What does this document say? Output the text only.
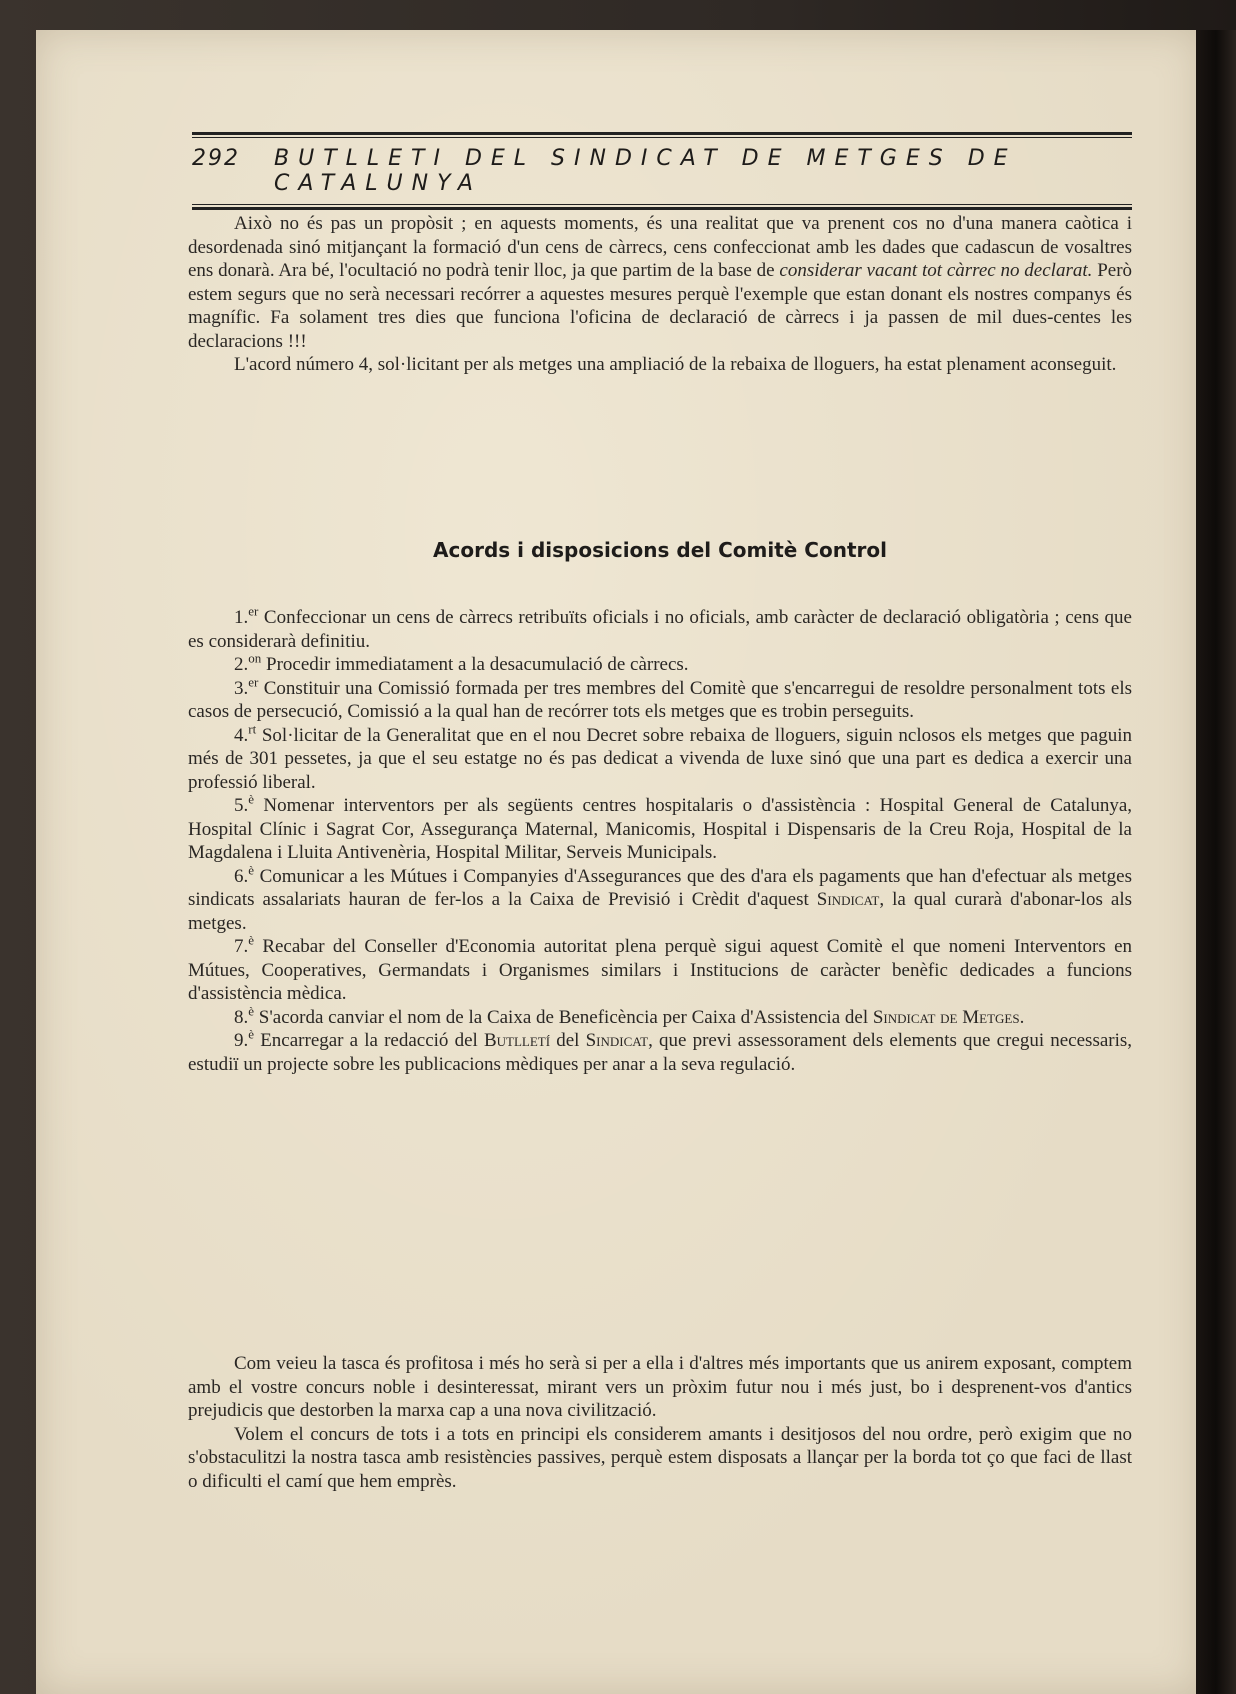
292 BUTLLETI DEL SINDICAT DE METGES DE CATALUNYA

Això no és pas un propòsit ; en aquests moments, és una realitat que va prenent cos no d'una manera caòtica i desordenada sinó mitjançant la formació d'un cens de càrrecs, cens confeccionat amb les dades que cadascun de vosaltres ens donarà. Ara bé, l'ocultació no podrà tenir lloc, ja que partim de la base de considerar vacant tot càrrec no declarat. Però estem segurs que no serà necessari recórrer a aquestes mesures perquè l'exemple que estan donant els nostres companys és magnífic. Fa solament tres dies que funciona l'oficina de declaració de càrrecs i ja passen de mil dues-centes les declaracions !!!

L'acord número 4, sol·licitant per als metges una ampliació de la rebaixa de lloguers, ha estat plenament aconseguit.

Acords i disposicions del Comitè Control

1.$^{er}$ Confeccionar un cens de càrrecs retribuïts oficials i no oficials, amb caràcter de declaració obligatòria ; cens que es considerarà definitiu.

2.$^{on}$ Procedir immediatament a la desacumulació de càrrecs.

3.$^{er}$ Constituir una Comissió formada per tres membres del Comitè que s'encarregui de resoldre personalment tots els casos de persecució, Comissió a la qual han de recórrer tots els metges que es trobin perseguits.

4.$^{rt}$ Sol·licitar de la Generalitat que en el nou Decret sobre rebaixa de lloguers, siguin nclosos els metges que paguin més de 301 pessetes, ja que el seu estatge no és pas dedicat a vivenda de luxe sinó que una part es dedica a exercir una professió liberal.

5.$^è$ Nomenar interventors per als següents centres hospitalaris o d'assistència : Hospital General de Catalunya, Hospital Clínic i Sagrat Cor, Assegurança Maternal, Manicomis, Hospital i Dispensaris de la Creu Roja, Hospital de la Magdalena i Lluita Antivenèria, Hospital Militar, Serveis Municipals.

6.$^è$ Comunicar a les Mútues i Companyies d'Assegurances que des d'ara els pagaments que han d'efectuar als metges sindicats assalariats hauran de fer-los a la Caixa de Previsió i Crèdit d'aquest Sindicat, la qual curarà d'abonar-los als metges.

7.$^è$ Recabar del Conseller d'Economia autoritat plena perquè sigui aquest Comitè el que nomeni Interventors en Mútues, Cooperatives, Germandats i Organismes similars i Institucions de caràcter benèfic dedicades a funcions d'assistència mèdica.

8.$^è$ S'acorda canviar el nom de la Caixa de Beneficència per Caixa d'Assistencia del Sindicat de Metges.

9.$^è$ Encarregar a la redacció del Butlletí del Sindicat, que previ assessorament dels elements que cregui necessaris, estudiï un projecte sobre les publicacions mèdiques per anar a la seva regulació.

Com veieu la tasca és profitosa i més ho serà si per a ella i d'altres més importants que us anirem exposant, comptem amb el vostre concurs noble i desinteressat, mirant vers un pròxim futur nou i més just, bo i desprenent-vos d'antics prejudicis que destorben la marxa cap a una nova civilització.

Volem el concurs de tots i a tots en principi els considerem amants i desitjosos del nou ordre, però exigim que no s'obstaculitzi la nostra tasca amb resistències passives, perquè estem disposats a llançar per la borda tot ço que faci de llast o dificulti el camí que hem emprès.
